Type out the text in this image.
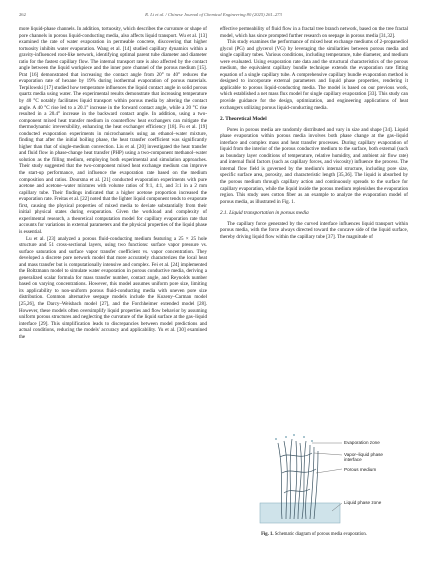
262	R. Li et al. / Chinese Journal of Chemical Engineering 80 (2025) 261–273

more liquid-phase channels. In addition, tortuosity, which describes the curvature or shape of pore channels in porous liquid-conducting media, also affects liquid transport. Wu et al. [13] examined the rate of water evaporation in permeable concrete, discovering that higher tortuosity inhibits water evaporation. Wang et al. [14] studied capillary dynamics within a gravity-influenced root-like network, identifying optimal parent tube diameter and diameter ratio for the fastest capillary flow. The internal transport rate is also affected by the contact angle between the liquid workpiece and the inner pore channel of the porous medium [15]. Prat [16] demonstrated that increasing the contact angle from 20° to 40° reduces the evaporation rate of hexane by 19% during isothermal evaporation of porous materials. Terpilowski [17] studied how temperature influences the liquid contact angle in solid porous quartz media using water. The experimental results demonstrate that increasing temperature by 40 °C notably facilitates liquid transport within porous media by altering the contact angle. A 40 °C rise led to a 20.1° increase in the forward contact angle, while a 20 °C rise resulted in a 20.4° increase in the backward contact angle. In addition, using a two-component mixed heat transfer medium in counterflow heat exchangers can mitigate the thermodynamic irreversibility, enhancing the heat exchanger efficiency [18]. Fu et al. [19] conducted evaporation experiments in microchannels using an ethanol–water mixture, finding that after the initial boiling phase, the heat transfer coefficient was significantly higher than that of single-medium convection. Liu et al. [20] investigated the heat transfer and fluid flow in phase-change heat transfer (PHP) using a two-component methanol–water solution as the filling medium, employing both experimental and simulation approaches. Their study suggested that the two-component mixed heat exchange medium can improve the start-up performance, and influence the evaporation rate based on the medium composition and ratios. Doursma et al. [21] conducted evaporation experiments with pure acetone and acetone–water mixtures with volume ratios of 9:1, 4:1, and 3:1 in a 2 mm capillary tube. Their findings indicated that a higher acetone proportion increased the evaporation rate. Freitas et al. [22] noted that the lighter liquid component tends to evaporate first, causing the physical properties of mixed media to deviate substantially from their initial physical states during evaporation. Given the workload and complexity of experimental research, a theoretical computation model for capillary evaporation rate that accounts for variations in external parameters and the physical properties of the liquid phase is essential.

Lu et al. [23] analyzed a porous fluid-conducting medium featuring a 25 × 25 hole structure and 51 cross-sectional layers, using two functions: surface vapor pressure vs. surface saturation and surface vapor transfer coefficient vs. vapor concentration. They developed a discrete pore network model that more accurately characterizes the local heat and mass transfer but is computationally intensive and complex. Fei et al. [24] implemented the Boltzmann model to simulate water evaporation in porous conductive media, deriving a generalized scalar formula for mass transfer number, contact angle, and Reynolds number based on varying concentrations. However, this model assumes uniform pore size, limiting its applicability to non-uniform porous fluid-conducting media with uneven pore size distribution. Common alternative seepage models include the Kozeny–Carman model [25,26], the Darcy–Weisbach model [27], and the Forchheimer extended model [28]. However, these models often oversimplify liquid properties and flow behavior by assuming uniform porous structures and neglecting the curvature of the liquid surface at the gas–liquid interface [29]. This simplification leads to discrepancies between model predictions and actual conditions, reducing the models' accuracy and applicability. Yu et al. [30] examined the

effective permeability of fluid flow in a fractal tree branch network, based on the tree fractal model, which has since prompted further research on seepage in porous media [31,32].

This study examines the performance of mixed heat exchange mediums of 2-propanediol glycol (PG) and glycerol (VG) by leveraging the similarities between porous media and single capillary tubes. Various conditions, including temperature, tube diameter, and medium were evaluated. Using evaporation rate data and the structural characteristics of the porous medium, the equivalent capillary bundle technique extends the evaporation rate fitting equation of a single capillary tube. A comprehensive capillary bundle evaporation method is designed to incorporate external parameters and liquid phase properties, rendering it applicable to porous liquid-conducting media. The model is based on our previous work, which established a net mass flux model for single capillary evaporation [33]. This study can provide guidance for the design, optimization, and engineering applications of heat exchangers utilizing porous liquid-conducting media.

2. Theoretical Model

Pores in porous media are randomly distributed and vary in size and shape [34]. Liquid phase evaporation within porous media involves both phase change at the gas–liquid interface and complex mass and heat transfer processes. During capillary evaporation of liquid from the interior of the porous conductive medium to the surface, both external (such as boundary layer conditions of temperature, relative humidity, and ambient air flow rate) and internal fluid factors (such as capillary forces, and viscosity) influence the process. The internal flow field is governed by the medium's internal structure, including pore size, specific surface area, porosity, and characteristic length [35,36]. The liquid is absorbed by the porous medium through capillary action and continuously spreads to the surface for capillary evaporation, while the liquid inside the porous medium replenishes the evaporation region. This study uses cotton fiber as an example to analyze the evaporation model of porous media, as illustrated in Fig. 1.

2.1. Liquid transportation in porous media

The capillary force generated by the curved interface influences liquid transport within porous media, with the force always directed toward the concave side of the liquid surface, thereby driving liquid flow within the capillary tube [37]. The magnitude of

Evaporation zone
Vapor–liquid phase interface
Porous medium
Liquid phase zone
Fig. 1. Schematic diagram of porous media evaporation.
